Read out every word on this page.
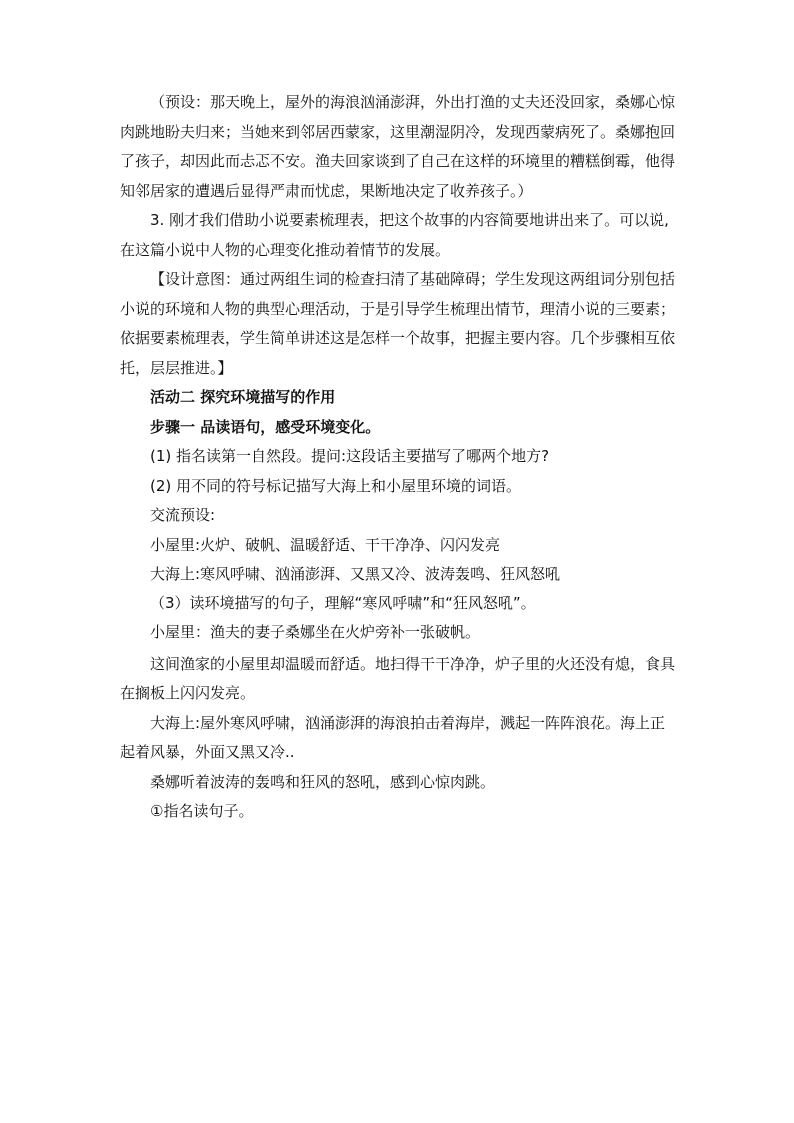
（预设：那天晚上，屋外的海浪汹涌澎湃，外出打渔的丈夫还没回家，桑娜心惊肉跳地盼夫归来；当她来到邻居西蒙家，这里潮湿阴冷，发现西蒙病死了。桑娜抱回了孩子，却因此而忐忑不安。渔夫回家谈到了自己在这样的环境里的糟糕倒霉，他得知邻居家的遭遇后显得严肃而忧虑，果断地决定了收养孩子。）

3. 刚才我们借助小说要素梳理表，把这个故事的内容简要地讲出来了。可以说,在这篇小说中人物的心理变化推动着情节的发展。

【设计意图：通过两组生词的检查扫清了基础障碍；学生发现这两组词分别包括小说的环境和人物的典型心理活动，于是引导学生梳理出情节，理清小说的三要素；依据要素梳理表，学生简单讲述这是怎样一个故事，把握主要内容。几个步骤相互依托，层层推进。】

活动二 探究环境描写的作用

步骤一 品读语句，感受环境变化。

(1) 指名读第一自然段。提问:这段话主要描写了哪两个地方?

(2) 用不同的符号标记描写大海上和小屋里环境的词语。

交流预设:

小屋里:火炉、破帆、温暖舒适、干干净净、闪闪发亮

大海上:寒风呼啸、汹涌澎湃、又黑又冷、波涛轰鸣、狂风怒吼

（3）读环境描写的句子，理解“寒风呼啸”和“狂风怒吼”。

小屋里：渔夫的妻子桑娜坐在火炉旁补一张破帆。

这间渔家的小屋里却温暖而舒适。地扫得干干净净，炉子里的火还没有熄，食具在搁板上闪闪发亮。

大海上:屋外寒风呼啸，汹涌澎湃的海浪拍击着海岸，溅起一阵阵浪花。海上正起着风暴，外面又黑又冷..

桑娜听着波涛的轰鸣和狂风的怒吼，感到心惊肉跳。

①指名读句子。
